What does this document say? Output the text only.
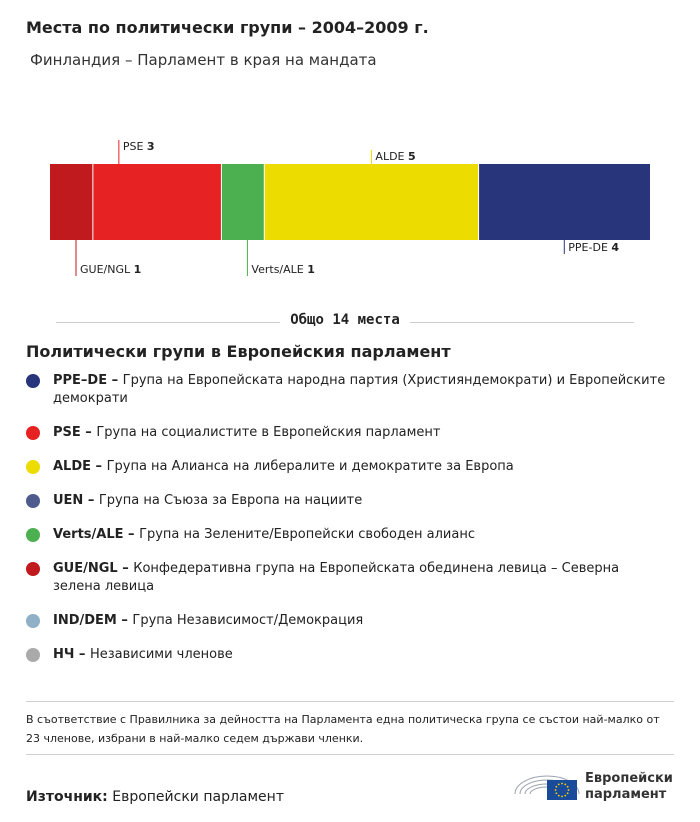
Места по политически групи – 2004–2009 г.
Финландия – Парламент в края на мандата
GUE/NGL 1
PSE 3
Verts/ALE 1
ALDE 5
PPE-DE 4
Общо 14 места
Политически групи в Европейския парламент
PPE–DE – Група на Европейската народна партия (Християндемократи) и Европейските демократи
PSE – Група на социалистите в Европейския парламент
ALDE – Група на Алианса на либералите и демократите за Европа
UEN – Група на Съюза за Европа на нациите
Verts/ALE – Група на Зелените/Европейски свободен алианс
GUE/NGL – Конфедеративна група на Европейската обединена левица – Северна зелена левица
IND/DEM – Група Независимост/Демокрация
НЧ – Независими членове
В съответствие с Правилника за дейността на Парламента една политическа група се състои най-малко от 23 членове, избрани в най-малко седем държави членки.
Източник: Европейски парламент
Европейски
парламент
